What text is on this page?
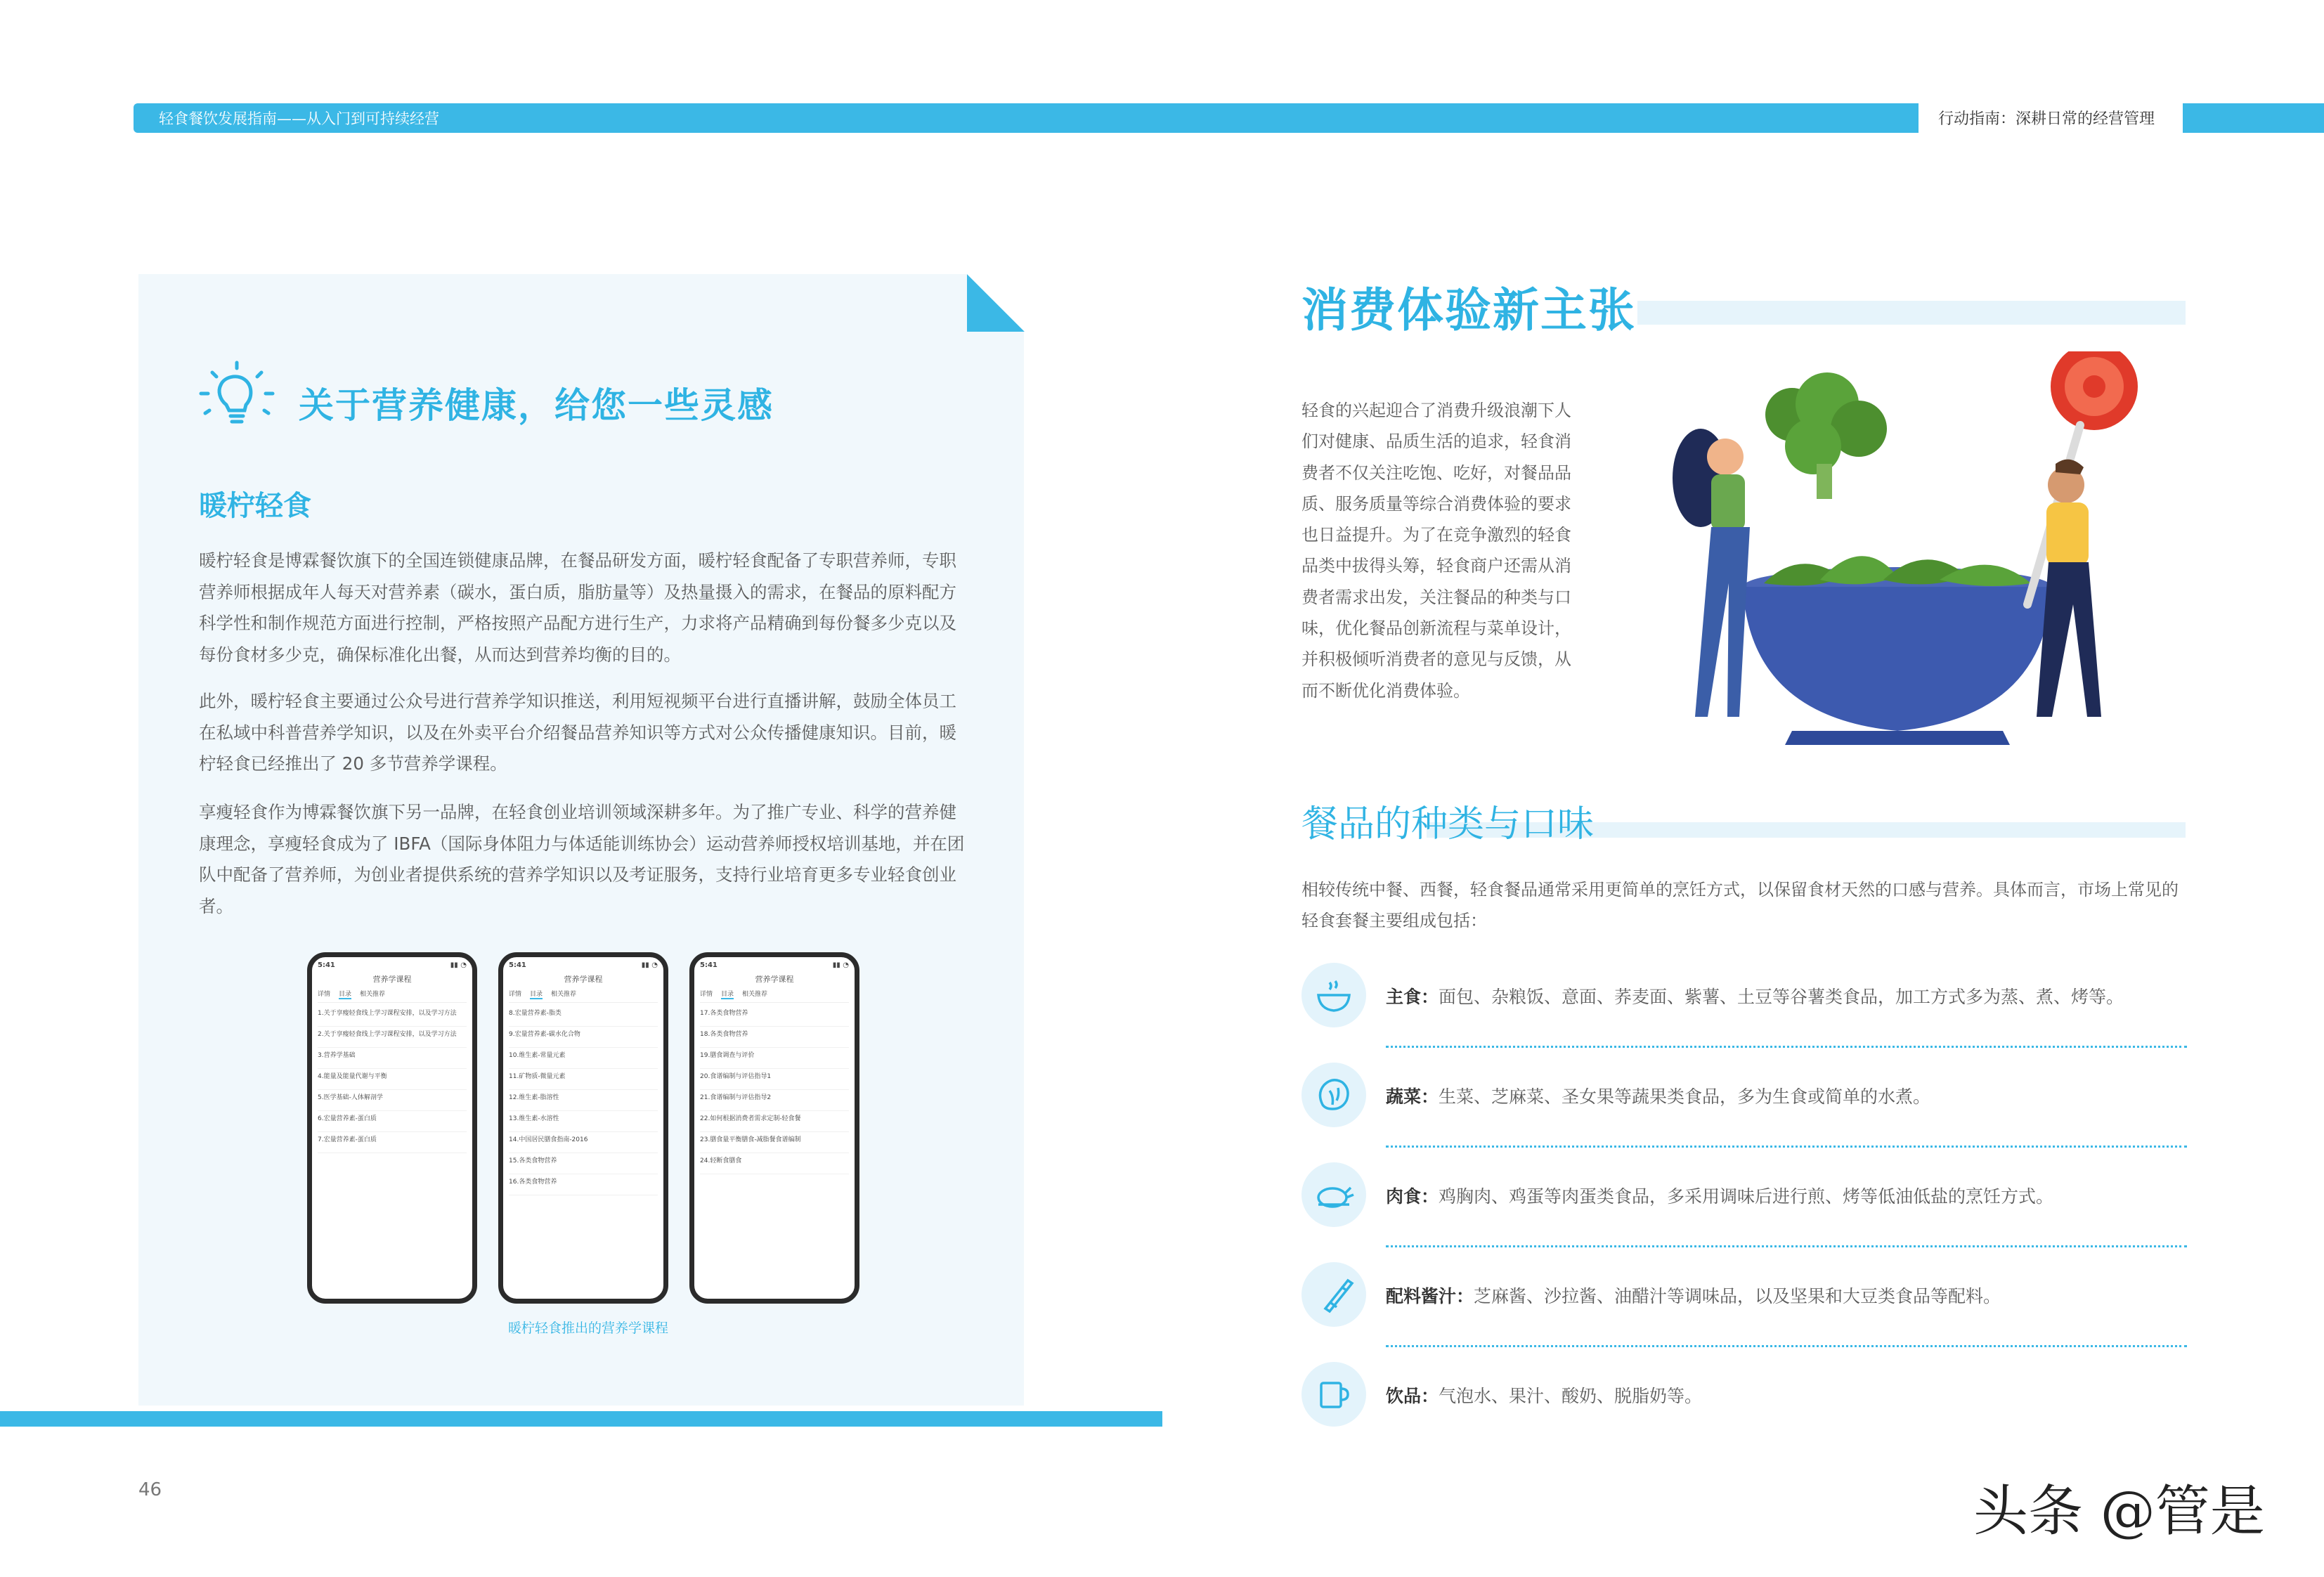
轻食餐饮发展指南——从入门到可持续经营	行动指南：深耕日常的经营管理
关于营养健康，给您一些灵感
暖柠轻食
暖柠轻食是博霖餐饮旗下的全国连锁健康品牌，在餐品研发方面，暖柠轻食配备了专职营养师，专职营养师根据成年人每天对营养素（碳水，蛋白质，脂肪量等）及热量摄入的需求，在餐品的原料配方科学性和制作规范方面进行控制，严格按照产品配方进行生产，力求将产品精确到每份餐多少克以及每份食材多少克，确保标准化出餐，从而达到营养均衡的目的。
此外，暖柠轻食主要通过公众号进行营养学知识推送，利用短视频平台进行直播讲解，鼓励全体员工在私域中科普营养学知识，以及在外卖平台介绍餐品营养知识等方式对公众传播健康知识。目前，暖柠轻食已经推出了 20 多节营养学课程。
享瘦轻食作为博霖餐饮旗下另一品牌，在轻食创业培训领域深耕多年。为了推广专业、科学的营养健康理念，享瘦轻食成为了 IBFA（国际身体阻力与体适能训练协会）运动营养师授权培训基地，并在团队中配备了营养师，为创业者提供系统的营养学知识以及考证服务，支持行业培育更多专业轻食创业者。
5:41	▮▮ ◔
营养学课程
详情 目录 相关推荐
1.关于享瘦轻食线上学习课程安排，以及学习方法
2.关于享瘦轻食线上学习课程安排，以及学习方法
3.营养学基础
4.能量及能量代谢与平衡
5.医学基础-人体解剖学
6.宏量营养素-蛋白质
7.宏量营养素-蛋白质
5:41	▮▮ ◔
营养学课程
详情 目录 相关推荐
8.宏量营养素-脂类
9.宏量营养素-碳水化合物
10.维生素-常量元素
11.矿物质-微量元素
12.维生素-脂溶性
13.维生素-水溶性
14.中国居民膳食指南-2016
15.各类食物营养
16.各类食物营养
5:41	▮▮ ◔
营养学课程
详情 目录 相关推荐
17.各类食物营养
18.各类食物营养
19.膳食调查与评价
20.食谱编制与评估指导1
21.食谱编制与评估指导2
22.如何根据消费者需求定制-轻食餐
23.膳食量平衡膳食-减脂餐食谱编制
24.轻断食膳食
暖柠轻食推出的营养学课程
46
消费体验新主张
轻食的兴起迎合了消费升级浪潮下人们对健康、品质生活的追求，轻食消费者不仅关注吃饱、吃好，对餐品品质、服务质量等综合消费体验的要求也日益提升。为了在竞争激烈的轻食品类中拔得头筹，轻食商户还需从消费者需求出发，关注餐品的种类与口味，优化餐品创新流程与菜单设计，并积极倾听消费者的意见与反馈，从而不断优化消费体验。
餐品的种类与口味
相较传统中餐、西餐，轻食餐品通常采用更简单的烹饪方式，以保留食材天然的口感与营养。具体而言，市场上常见的轻食套餐主要组成包括：
主食：面包、杂粮饭、意面、荞麦面、紫薯、土豆等谷薯类食品，加工方式多为蒸、煮、烤等。
蔬菜：生菜、芝麻菜、圣女果等蔬果类食品，多为生食或简单的水煮。
肉食：鸡胸肉、鸡蛋等肉蛋类食品，多采用调味后进行煎、烤等低油低盐的烹饪方式。
配料酱汁：芝麻酱、沙拉酱、油醋汁等调味品，以及坚果和大豆类食品等配料。
饮品：气泡水、果汁、酸奶、脱脂奶等。
头条 @管是
